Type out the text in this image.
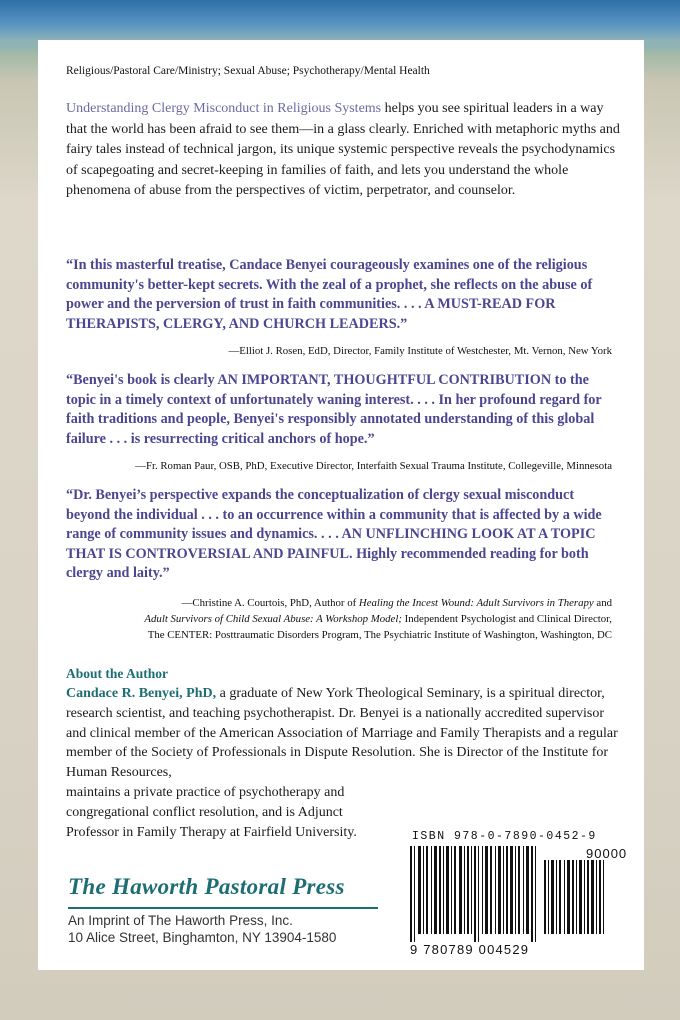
Religious/Pastoral Care/Ministry; Sexual Abuse; Psychotherapy/Mental Health

Understanding Clergy Misconduct in Religious Systems helps you see spiritual leaders in a way that the world has been afraid to see them—in a glass clearly. Enriched with metaphoric myths and fairy tales instead of technical jargon, its unique systemic perspective reveals the psychodynamics of scapegoating and secret-keeping in families of faith, and lets you understand the whole phenomena of abuse from the perspectives of victim, perpetrator, and counselor.

“In this masterful treatise, Candace Benyei courageously examines one of the religious community's better-kept secrets. With the zeal of a prophet, she reflects on the abuse of power and the perversion of trust in faith communities. . . . A MUST-READ FOR THERAPISTS, CLERGY, AND CHURCH LEADERS.”

—Elliot J. Rosen, EdD, Director, Family Institute of Westchester, Mt. Vernon, New York

“Benyei's book is clearly AN IMPORTANT, THOUGHTFUL CONTRIBUTION to the topic in a timely context of unfortunately waning interest. . . . In her profound regard for faith traditions and people, Benyei's responsibly annotated understanding of this global failure . . . is resurrecting critical anchors of hope.”

—Fr. Roman Paur, OSB, PhD, Executive Director, Interfaith Sexual Trauma Institute, Collegeville, Minnesota

“Dr. Benyei’s perspective expands the conceptualization of clergy sexual misconduct beyond the individual . . . to an occurrence within a community that is affected by a wide range of community issues and dynamics. . . . AN UNFLINCHING LOOK AT A TOPIC THAT IS CONTROVERSIAL AND PAINFUL. Highly recommended reading for both clergy and laity.”

—Christine A. Courtois, PhD, Author of Healing the Incest Wound: Adult Survivors in Therapy and
Adult Survivors of Child Sexual Abuse: A Workshop Model; Independent Psychologist and Clinical Director,
The CENTER: Posttraumatic Disorders Program, The Psychiatric Institute of Washington, Washington, DC

About the Author

Candace R. Benyei, PhD, a graduate of New York Theological Seminary, is a spiritual director, research scientist, and teaching psychotherapist. Dr. Benyei is a nationally accredited supervisor and clinical member of the American Association of Marriage and Family Therapists and a regular member of the Society of Professionals in Dispute Resolution. She is Director of the Institute for Human Resources,

maintains a private practice of psychotherapy and congregational conflict resolution, and is Adjunct Professor in Family Therapy at Fairfield University.

The Haworth Pastoral Press
An Imprint of The Haworth Press, Inc.
10 Alice Street, Binghamton, NY 13904-1580
ISBN 978-0-7890-0452-9
90000
9 780789 004529
